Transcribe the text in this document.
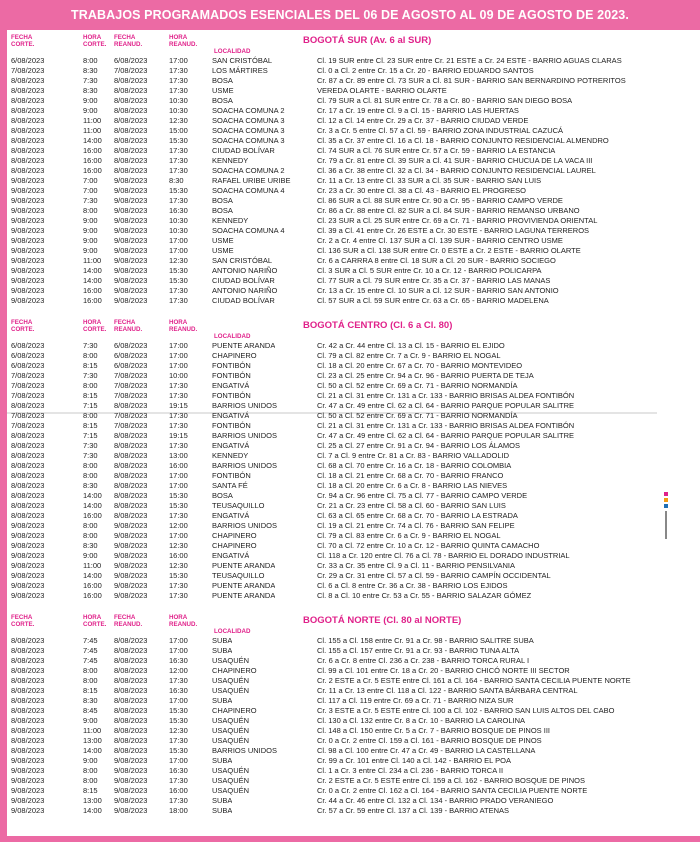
TRABAJOS PROGRAMADOS ESENCIALES DEL 06 DE AGOSTO AL 09 DE AGOSTO DE 2023.
FECHA
CORTE.
HORA
CORTE.
FECHA
REANUD.
HORA
REANUD.

LOCALIDAD
BOGOTÁ SUR (Av. 6 al SUR)
6/08/2023	8:00 6/08/2023	17:00	SAN CRISTÓBAL	Cl. 19 SUR entre Cl. 23 SUR entre Cr. 21 ESTE a Cr. 24 ESTE - BARRIO AGUAS CLARAS
7/08/2023	8:30 7/08/2023	17:30	LOS MÁRTIRES	Cl. 0 a Cl. 2 entre Cr. 15 a Cr. 20 - BARRIO EDUARDO SANTOS
8/08/2023	7:30 8/08/2023	17:30	BOSA	Cr. 87 a Cr. 89 entre Cl. 73 SUR a Cl. 81 SUR - BARRIO SAN BERNARDINO POTRERITOS
8/08/2023	8:30 8/08/2023	17:30	USME	VEREDA OLARTE - BARRIO OLARTE
8/08/2023	9:00 8/08/2023	10:30	BOSA	Cl. 79 SUR a Cl. 81 SUR entre Cr. 78 a Cr. 80 - BARRIO SAN DIEGO BOSA
8/08/2023	9:00 8/08/2023	10:30	SOACHA COMUNA 2	Cr. 17 a Cr. 19 entre Cl. 9 a Cl. 15 - BARRIO LAS HUERTAS
8/08/2023	11:00 8/08/2023	12:30	SOACHA COMUNA 3	Cl. 12 a Cl. 14 entre Cr. 29 a Cr. 37 - BARRIO CIUDAD VERDE
8/08/2023	11:00 8/08/2023	15:00	SOACHA COMUNA 3	Cr. 3 a Cr. 5 entre Cl. 57 a Cl. 59 - BARRIO ZONA INDUSTRIAL CAZUCÁ
8/08/2023	14:00 8/08/2023	15:30	SOACHA COMUNA 3	Cl. 35 a Cr. 37 entre Cl. 16 a Cl. 18 - BARRIO CONJUNTO RESIDENCIAL ALMENDRO
8/08/2023	16:00 8/08/2023	17:30	CIUDAD BOLÍVAR	Cl. 74 SUR a Cl. 76 SUR entre Cr. 57 a Cr. 59 - BARRIO LA ESTANCIA
8/08/2023	16:00 8/08/2023	17:30	KENNEDY	Cr. 79 a Cr. 81 entre Cl. 39 SUR a Cl. 41 SUR - BARRIO CHUCUA DE LA VACA III
8/08/2023	16:00 8/08/2023	17:30	SOACHA COMUNA 2	Cl. 36 a Cr. 38 entre Cl. 32 a Cl. 34 - BARRIO CONJUNTO RESIDENCIAL LAUREL
9/08/2023	7:00 9/08/2023	8:30	RAFAEL URIBE URIBE	Cr. 11 a Cr. 13 entre Cl. 33 SUR a Cl. 35 SUR - BARRIO SAN LUIS
9/08/2023	7:00 9/08/2023	15:30	SOACHA COMUNA 4	Cr. 23 a Cr. 30 entre Cl. 38 a Cl. 43 - BARRIO EL PROGRESO
9/08/2023	7:30 9/08/2023	17:30	BOSA	Cl. 86 SUR a Cl. 88 SUR entre Cr. 90 a Cr. 95 - BARRIO CAMPO VERDE
9/08/2023	8:00 9/08/2023	16:30	BOSA	Cr. 86 a Cr. 88 entre Cl. 82 SUR a Cl. 84 SUR - BARRIO REMANSO URBANO
9/08/2023	9:00 9/08/2023	10:30	KENNEDY	Cl. 23 SUR a Cl. 25 SUR entre Cr. 69 a Cr. 71 - BARRIO PROVIVIENDA ORIENTAL
9/08/2023	9:00 9/08/2023	10:30	SOACHA COMUNA 4	Cl. 39 a Cl. 41 entre Cr. 26 ESTE a Cr. 30 ESTE - BARRIO LAGUNA TERREROS
9/08/2023	9:00 9/08/2023	17:00	USME	Cr. 2 a Cr. 4 entre Cl. 137 SUR a Cl. 139 SUR - BARRIO CENTRO USME
9/08/2023	9:00 9/08/2023	17:00	USME	Cl. 136 SUR a Cl. 138 SUR entre Cr. 0 ESTE a Cr. 2 ESTE - BARRIO OLARTE
9/08/2023	11:00 9/08/2023	12:30	SAN CRISTÓBAL	Cr. 6 a CARRRA 8 entre Cl. 18 SUR a Cl. 20 SUR - BARRIO SOCIEGO
9/08/2023	14:00 9/08/2023	15:30	ANTONIO NARIÑO	Cl. 3 SUR a Cl. 5 SUR entre Cr. 10 a Cr. 12 - BARRIO POLICARPA
9/08/2023	14:00 9/08/2023	15:30	CIUDAD BOLÍVAR	Cl. 77 SUR a Cl. 79 SUR entre Cr. 35 a Cr. 37 - BARRIO LAS MANAS
9/08/2023	16:00 9/08/2023	17:30	ANTONIO NARIÑO	Cr. 13 a Cr. 15 entre Cl. 10 SUR a Cl. 12 SUR - BARRIO SAN ANTONIO
9/08/2023	16:00 9/08/2023	17:30	CIUDAD BOLÍVAR	Cl. 57 SUR a Cl. 59 SUR entre Cr. 63 a Cr. 65 - BARRIO MADELENA
FECHA
CORTE.
HORA
CORTE.
FECHA
REANUD.
HORA
REANUD.

LOCALIDAD
BOGOTÁ CENTRO (Cl. 6 a Cl. 80)
6/08/2023	7:30 6/08/2023	17:00	PUENTE ARANDA	Cr. 42 a Cr. 44 entre Cl. 13 a Cl. 15 - BARRIO EL EJIDO
6/08/2023	8:00 6/08/2023	17:00	CHAPINERO	Cl. 79 a Cl. 82 entre Cr. 7 a Cr. 9 - BARRIO EL NOGAL
6/08/2023	8:15 6/08/2023	17:00	FONTIBÓN	Cl. 18 a Cl. 20 entre Cr. 67 a Cr. 70 - BARRIO MONTEVIDEO
7/08/2023	7:30 7/08/2023	10:00	FONTIBÓN	Cl. 23 a Cl. 25 entre Cr. 94 a Cr. 96 - BARRIO PUERTA DE TEJA
7/08/2023	8:00 7/08/2023	17:30	ENGATIVÁ	Cl. 50 a Cl. 52 entre Cr. 69 a Cr. 71 - BARRIO NORMANDÍA
7/08/2023	8:15 7/08/2023	17:30	FONTIBÓN	Cl. 21 a Cl. 31 entre Cr. 131 a Cr. 133 - BARRIO BRISAS ALDEA FONTIBÓN
8/08/2023	7:15 8/08/2023	19:15	BARRIOS UNIDOS	Cr. 47 a Cr. 49 entre Cl. 62 a Cl. 64 - BARRIO PARQUE POPULAR SALITRE
7/08/2023	8:00 7/08/2023	17:30	ENGATIVÁ	Cl. 50 a Cl. 52 entre Cr. 69 a Cr. 71 - BARRIO NORMANDÍA
7/08/2023	8:15 7/08/2023	17:30	FONTIBÓN	Cl. 21 a Cl. 31 entre Cr. 131 a Cr. 133 - BARRIO BRISAS ALDEA FONTIBÓN
8/08/2023	7:15 8/08/2023	19:15	BARRIOS UNIDOS	Cr. 47 a Cr. 49 entre Cl. 62 a Cl. 64 - BARRIO PARQUE POPULAR SALITRE
8/08/2023	7:30 8/08/2023	17:30	ENGATIVÁ	Cl. 25 a Cl. 27 entre Cr. 91 a Cr. 94 - BARRIO LOS ÁLAMOS
8/08/2023	7:30 8/08/2023	13:00	KENNEDY	Cl. 7 a Cl. 9 entre Cr. 81 a Cr. 83 - BARRIO VALLADOLID
8/08/2023	8:00 8/08/2023	16:00	BARRIOS UNIDOS	Cl. 68 a Cl. 70 entre Cr. 16 a Cr. 18 - BARRIO COLOMBIA
8/08/2023	8:00 8/08/2023	17:00	FONTIBÓN	Cl. 18 a Cl. 21 entre Cr. 68 a Cr. 70 - BARRIO FRANCO
8/08/2023	8:30 8/08/2023	17:00	SANTA FÉ	Cl. 18 a Cl. 20 entre Cr. 6 a Cr. 8 - BARRIO LAS NIEVES
8/08/2023	14:00 8/08/2023	15:30	BOSA	Cr. 94 a Cr. 96 entre Cl. 75 a Cl. 77 - BARRIO CAMPO VERDE
8/08/2023	14:00 8/08/2023	15:30	TEUSAQUILLO	Cr. 21 a Cr. 23 entre Cl. 58 a Cl. 60 - BARRIO SAN LUIS
8/08/2023	16:00 8/08/2023	17:30	ENGATIVÁ	Cl. 63 a Cl. 65 entre Cr. 68 a Cr. 70 - BARRIO LA ESTRADA
9/08/2023	8:00 9/08/2023	12:00	BARRIOS UNIDOS	Cl. 19 a Cl. 21 entre Cr. 74 a Cl. 76 - BARRIO SAN FELIPE
9/08/2023	8:00 9/08/2023	17:00	CHAPINERO	Cl. 79 a Cl. 83 entre Cr. 6 a Cr. 9 - BARRIO EL NOGAL
9/08/2023	8:30 9/08/2023	12:30	CHAPINERO	Cl. 70 a Cl. 72 entre Cr. 10 a Cr. 12 - BARRIO QUINTA CAMACHO
9/08/2023	9:00 9/08/2023	16:00	ENGATIVÁ	Cl. 118 a Cr. 120 entre Cl. 76 a Cl. 78 - BARRIO EL DORADO INDUSTRIAL
9/08/2023	11:00 9/08/2023	12:30	PUENTE ARANDA	Cr. 33 a Cr. 35 entre Cl. 9 a Cl. 11 - BARRIO PENSILVANIA
9/08/2023	14:00 9/08/2023	15:30	TEUSAQUILLO	Cr. 29 a Cr. 31 entre Cl. 57 a Cl. 59 - BARRIO CAMPÍN OCCIDENTAL
9/08/2023	16:00 9/08/2023	17:30	PUENTE ARANDA	Cl. 6 a Cl. 8 entre Cr. 36 a Cr. 38 - BARRIO LOS EJIDOS
9/08/2023	16:00 9/08/2023	17:30	PUENTE ARANDA	Cl. 8 a Cl. 10 entre Cr. 53 a Cr. 55 - BARRIO SALAZAR GÓMEZ
FECHA
CORTE.
HORA
CORTE.
FECHA
REANUD.
HORA
REANUD.

LOCALIDAD
BOGOTÁ NORTE (Cl. 80 al NORTE)
8/08/2023	7:45 8/08/2023	17:00	SUBA	Cl. 155 a Cl. 158 entre Cr. 91 a Cr. 98 - BARRIO SALITRE SUBA
8/08/2023	7:45 8/08/2023	17:00	SUBA	Cl. 155 a Cl. 157 entre Cr. 91 a Cr. 93 - BARRIO TUNA ALTA
8/08/2023	7:45 8/08/2023	16:30	USAQUÉN	Cr. 6 a Cr. 8 entre Cl. 236 a Cr. 238 - BARRIO TORCA RURAL I
8/08/2023	8:00 8/08/2023	12:00	CHAPINERO	Cl. 99 a Cl. 101 entre Cr. 18 a Cr. 20 - BARRIO CHICÓ NORTE III SECTOR
8/08/2023	8:00 8/08/2023	17:30	USAQUÉN	Cr. 2 ESTE a Cr. 5 ESTE entre Cl. 161 a Cl. 164 - BARRIO SANTA CECILIA PUENTE NORTE
8/08/2023	8:15 8/08/2023	16:30	USAQUÉN	Cr. 11 a Cr. 13 entre Cl. 118 a Cl. 122 - BARRIO SANTA BÁRBARA CENTRAL
8/08/2023	8:30 8/08/2023	17:00	SUBA	Cl. 117 a Cl. 119 entre Cr. 69 a Cr. 71 - BARRIO NIZA SUR
8/08/2023	8:45 8/08/2023	15:30	CHAPINERO	Cr. 3 ESTE a Cr. 5 ESTE entre Cl. 100 a Cl. 102 - BARRIO SAN LUIS ALTOS DEL CABO
8/08/2023	9:00 8/08/2023	15:30	USAQUÉN	Cl. 130 a Cl. 132 entre Cr. 8 a Cr. 10 - BARRIO LA CAROLINA
8/08/2023	11:00 8/08/2023	12:30	USAQUÉN	Cl. 148 a Cl. 150 entre Cr. 5 a Cr. 7 - BARRIO BOSQUE DE PINOS III
8/08/2023	13:00 8/08/2023	17:30	USAQUÉN	Cr. 0 a Cr. 2 entre Cl. 159 a Cl. 161 - BARRIO BOSQUE DE PINOS
8/08/2023	14:00 8/08/2023	15:30	BARRIOS UNIDOS	Cl. 98 a Cl. 100 entre Cr. 47 a Cr. 49 - BARRIO LA CASTELLANA
9/08/2023	9:00 9/08/2023	17:00	SUBA	Cr. 99 a Cr. 101 entre Cl. 140 a Cl. 142 - BARRIO EL POA
9/08/2023	8:00 9/08/2023	16:30	USAQUÉN	Cl. 1 a Cr. 3 entre Cl. 234 a Cl. 236 - BARRIO TORCA II
9/08/2023	8:00 9/08/2023	17:30	USAQUÉN	Cr. 2 ESTE a Cr. 5 ESTE entre Cl. 159 a Cl. 162 - BARRIO BOSQUE DE PINOS
9/08/2023	8:15 9/08/2023	16:00	USAQUÉN	Cr. 0 a Cr. 2 entre Cl. 162 a Cl. 164 - BARRIO SANTA CECILIA PUENTE NORTE
9/08/2023	13:00 9/08/2023	17:30	SUBA	Cr. 44 a Cr. 46 entre Cl. 132 a Cl. 134 - BARRIO PRADO VERANIEGO
9/08/2023	14:00 9/08/2023	18:00	SUBA	Cr. 57 a Cr. 59 entre Cl. 137 a Cl. 139 - BARRIO ATENAS
